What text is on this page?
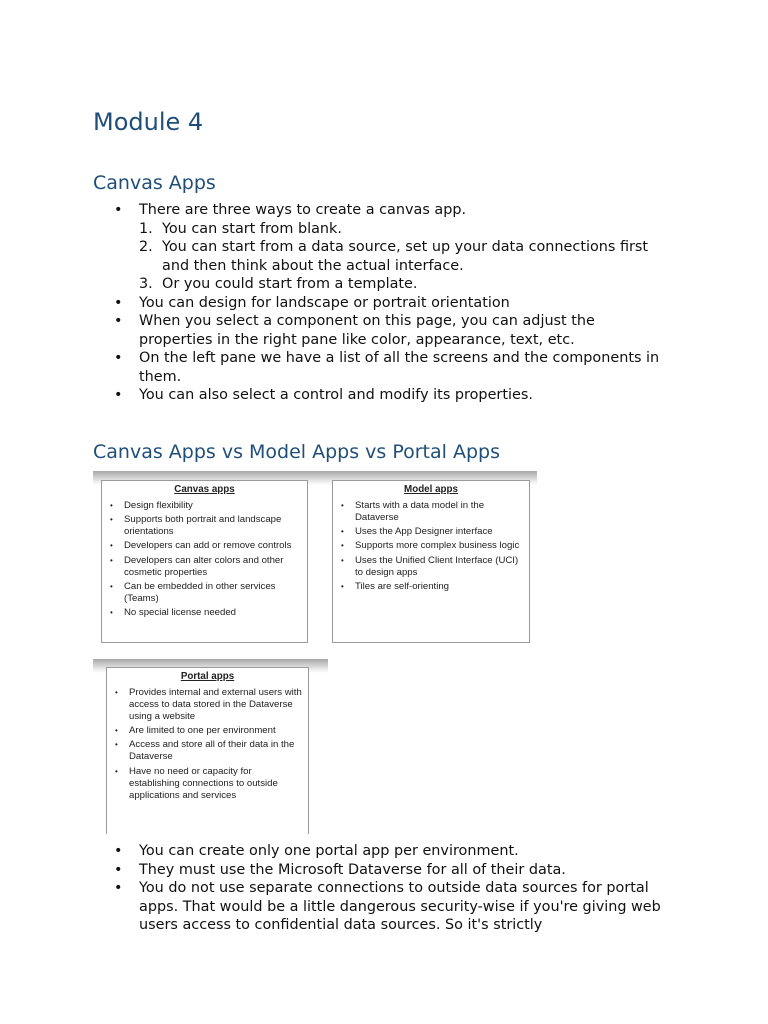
Module 4
Canvas Apps
• There are three ways to create a canvas app.
1. You can start from blank.
2. You can start from a data source, set up your data connections first and then think about the actual interface.
3. Or you could start from a template.
• You can design for landscape or portrait orientation
• When you select a component on this page, you can adjust the properties in the right pane like color, appearance, text, etc.
• On the left pane we have a list of all the screens and the components in them.
• You can also select a control and modify its properties.
Canvas Apps vs Model Apps vs Portal Apps
Canvas apps
• Design flexibility
• Supports both portrait and landscape orientations
• Developers can add or remove controls
• Developers can alter colors and other cosmetic properties
• Can be embedded in other services (Teams)
• No special license needed
Model apps
• Starts with a data model in the Dataverse
• Uses the App Designer interface
• Supports more complex business logic
• Uses the Unified Client Interface (UCI) to design apps
• Tiles are self-orienting
Portal apps
• Provides internal and external users with access to data stored in the Dataverse using a website
• Are limited to one per environment
• Access and store all of their data in the Dataverse
• Have no need or capacity for establishing connections to outside applications and services
• You can create only one portal app per environment.
• They must use the Microsoft Dataverse for all of their data.
• You do not use separate connections to outside data sources for portal apps. That would be a little dangerous security-wise if you're giving web users access to confidential data sources. So it's strictly
